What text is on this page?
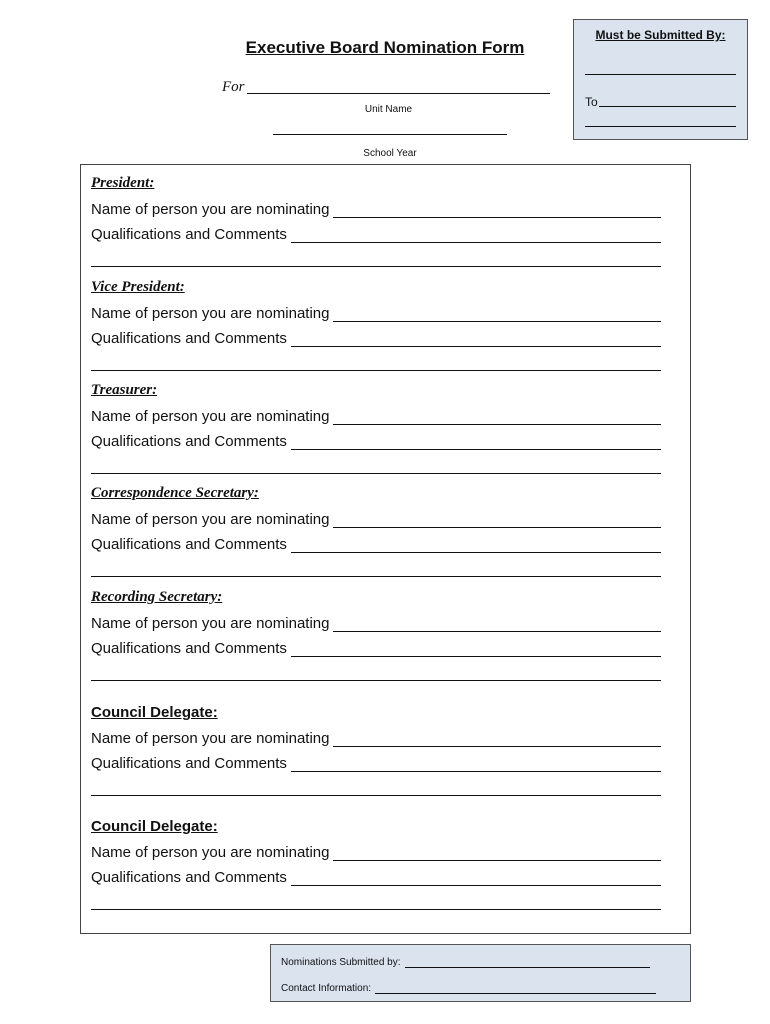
Executive Board Nomination Form
For
Unit Name
School Year
Must be Submitted By:
To
President:
Name of person you are nominating
Qualifications and Comments
Vice President:
Name of person you are nominating
Qualifications and Comments
Treasurer:
Name of person you are nominating
Qualifications and Comments
Correspondence Secretary:
Name of person you are nominating
Qualifications and Comments
Recording Secretary:
Name of person you are nominating
Qualifications and Comments
Council Delegate:
Name of person you are nominating
Qualifications and Comments
Council Delegate:
Name of person you are nominating
Qualifications and Comments
Nominations Submitted by:
Contact Information:
